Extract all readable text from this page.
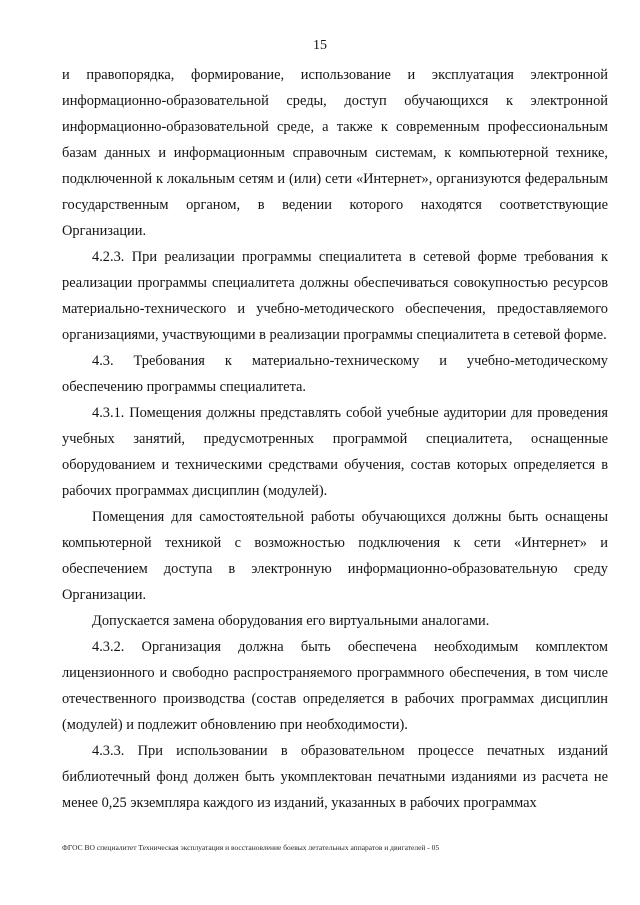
15

и правопорядка, формирование, использование и эксплуатация электронной информационно-образовательной среды, доступ обучающихся к электронной информационно-образовательной среде, а также к современным профессиональным базам данных и информационным справочным системам, к компьютерной технике, подключенной к локальным сетям и (или) сети «Интернет», организуются федеральным государственным органом, в ведении которого находятся соответствующие Организации.

4.2.3. При реализации программы специалитета в сетевой форме требования к реализации программы специалитета должны обеспечиваться совокупностью ресурсов материально-технического и учебно-методического обеспечения, предоставляемого организациями, участвующими в реализации программы специалитета в сетевой форме.

4.3. Требования к материально-техническому и учебно-методическому обеспечению программы специалитета.

4.3.1. Помещения должны представлять собой учебные аудитории для проведения учебных занятий, предусмотренных программой специалитета, оснащенные оборудованием и техническими средствами обучения, состав которых определяется в рабочих программах дисциплин (модулей).

Помещения для самостоятельной работы обучающихся должны быть оснащены компьютерной техникой с возможностью подключения к сети «Интернет» и обеспечением доступа в электронную информационно-образовательную среду Организации.

Допускается замена оборудования его виртуальными аналогами.

4.3.2. Организация должна быть обеспечена необходимым комплектом лицензионного и свободно распространяемого программного обеспечения, в том числе отечественного производства (состав определяется в рабочих программах дисциплин (модулей) и подлежит обновлению при необходимости).

4.3.3. При использовании в образовательном процессе печатных изданий библиотечный фонд должен быть укомплектован печатными изданиями из расчета не менее 0,25 экземпляра каждого из изданий, указанных в рабочих программах

ФГОС ВО специалитет Техническая эксплуатация и восстановление боевых летательных аппаратов и двигателей - 05
